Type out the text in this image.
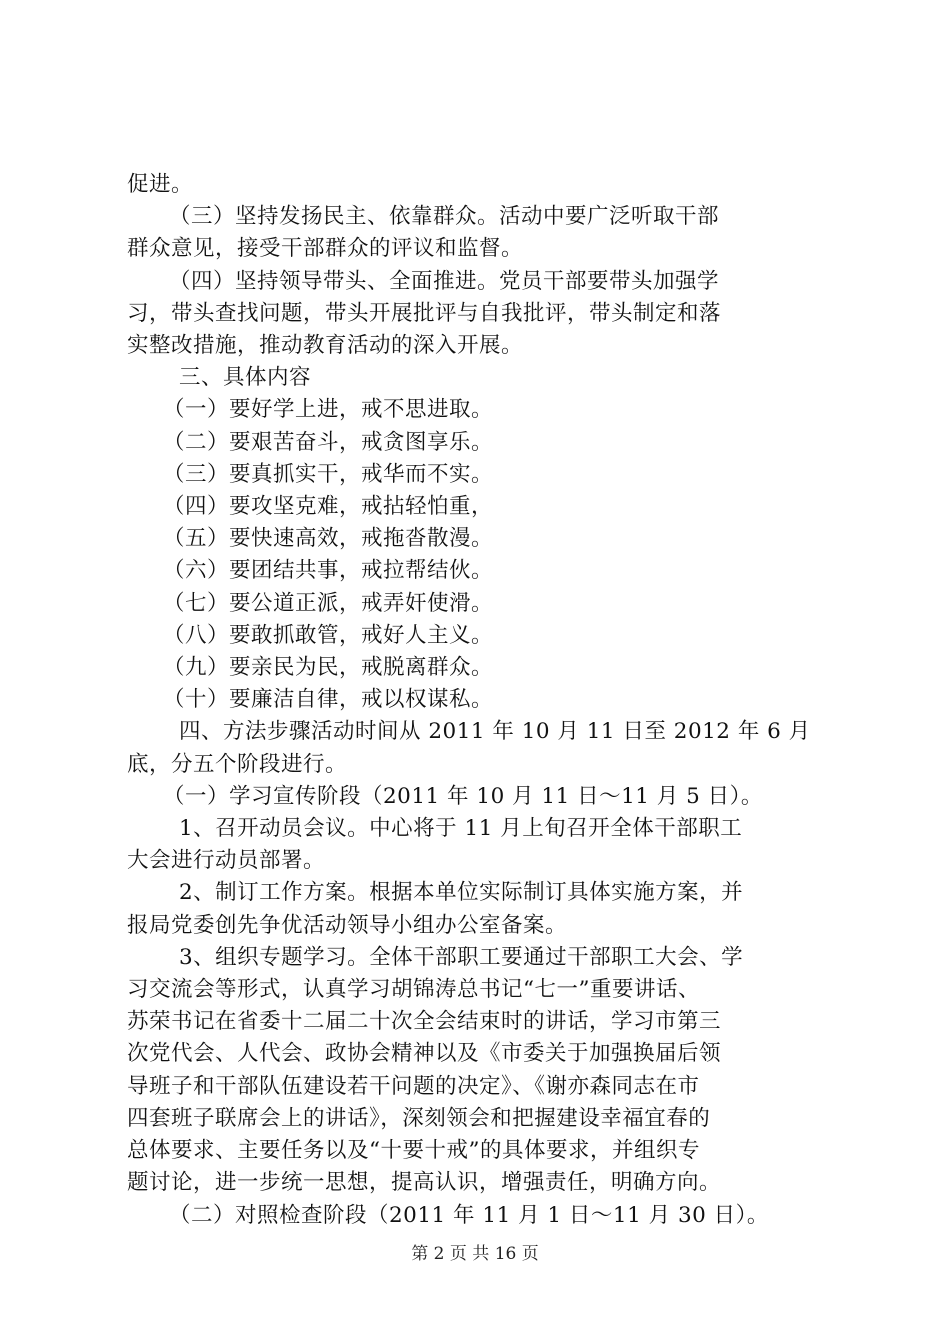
促进。

（三）坚持发扬民主、依靠群众。活动中要广泛听取干部

群众意见，接受干部群众的评议和监督。

（四）坚持领导带头、全面推进。党员干部要带头加强学

习，带头查找问题，带头开展批评与自我批评，带头制定和落

实整改措施，推动教育活动的深入开展。

三、具体内容

（一）要好学上进，戒不思进取。

（二）要艰苦奋斗，戒贪图享乐。

（三）要真抓实干，戒华而不实。

（四）要攻坚克难，戒拈轻怕重，

（五）要快速高效，戒拖沓散漫。

（六）要团结共事，戒拉帮结伙。

（七）要公道正派，戒弄奸使滑。

（八）要敢抓敢管，戒好人主义。

（九）要亲民为民，戒脱离群众。

（十）要廉洁自律，戒以权谋私。

四、方法步骤活动时间从 2011 年 10 月 11 日至 2012 年 6 月

底，分五个阶段进行。

（一）学习宣传阶段（2011 年 10 月 11 日～11 月 5 日）。

1、召开动员会议。中心将于 11 月上旬召开全体干部职工

大会进行动员部署。

2、制订工作方案。根据本单位实际制订具体实施方案，并

报局党委创先争优活动领导小组办公室备案。

3、组织专题学习。全体干部职工要通过干部职工大会、学

习交流会等形式，认真学习胡锦涛总书记“七一”重要讲话、

苏荣书记在省委十二届二十次全会结束时的讲话，学习市第三

次党代会、人代会、政协会精神以及《市委关于加强换届后领

导班子和干部队伍建设若干问题的决定》、《谢亦森同志在市

四套班子联席会上的讲话》，深刻领会和把握建设幸福宜春的

总体要求、主要任务以及“十要十戒”的具体要求，并组织专

题讨论，进一步统一思想，提高认识，增强责任，明确方向。

（二）对照检查阶段（2011 年 11 月 1 日～11 月 30 日）。

第 2 页 共 16 页
